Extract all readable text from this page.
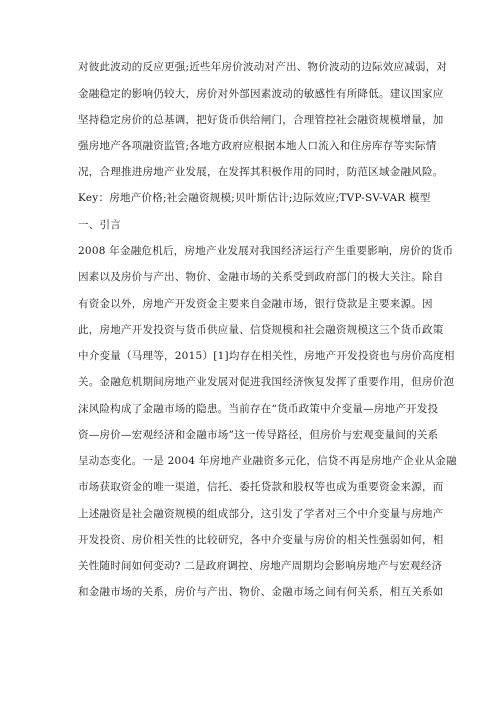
对彼此波动的反应更强;近些年房价波动对产出、物价波动的边际效应减弱，对
金融稳定的影响仍较大，房价对外部因素波动的敏感性有所降低。建议国家应
坚持稳定房价的总基调，把好货币供给闸门，合理管控社会融资规模增量，加
强房地产各项融资监管;各地方政府应根据本地人口流入和住房库存等实际情
况，合理推进房地产业发展，在发挥其积极作用的同时，防范区域金融风险。
Key：房地产价格;社会融资规模;贝叶斯估计;边际效应;TVP-SV-VAR 模型
一、引言
2008 年金融危机后，房地产业发展对我国经济运行产生重要影响，房价的货币
因素以及房价与产出、物价、金融市场的关系受到政府部门的极大关注。除自
有资金以外，房地产开发资金主要来自金融市场，银行贷款是主要来源。因
此，房地产开发投资与货币供应量、信贷规模和社会融资规模这三个货币政策
中介变量（马理等，2015）[1]均存在相关性，房地产开发投资也与房价高度相
关。金融危机期间房地产业发展对促进我国经济恢复发挥了重要作用，但房价泡
沫风险构成了金融市场的隐患。当前存在“货币政策中介变量—房地产开发投
资—房价—宏观经济和金融市场”这一传导路径，但房价与宏观变量间的关系
呈动态变化。一是 2004 年房地产业融资多元化，信贷不再是房地产企业从金融
市场获取资金的唯一渠道，信托、委托贷款和股权等也成为重要资金来源，而
上述融资是社会融资规模的组成部分，这引发了学者对三个中介变量与房地产
开发投资、房价相关性的比较研究，各中介变量与房价的相关性强弱如何，相
关性随时间如何变动? 二是政府调控、房地产周期均会影响房地产与宏观经济
和金融市场的关系，房价与产出、物价、金融市场之间有何关系，相互关系如
